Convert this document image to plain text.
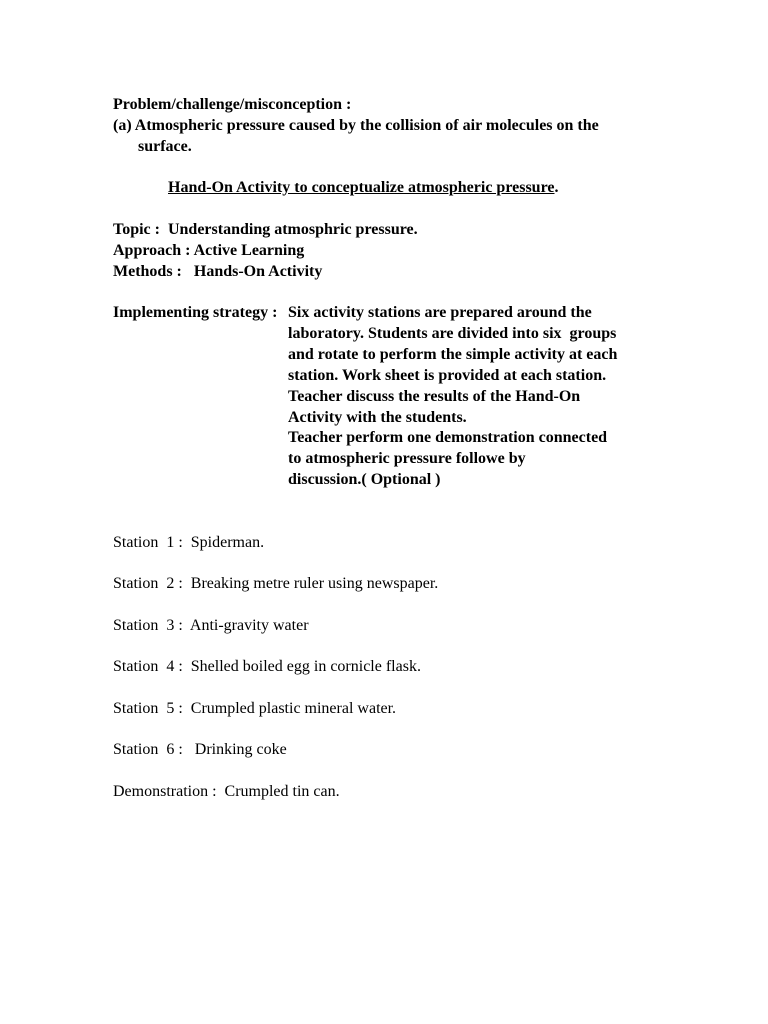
Problem/challenge/misconception :
(a) Atmospheric pressure caused by the collision of air molecules on the
surface.
Hand-On Activity to conceptualize atmospheric pressure.
Topic :  Understanding atmosphric pressure.
Approach : Active Learning
Methods :   Hands-On Activity
Implementing strategy : Six activity stations are prepared around the
laboratory. Students are divided into six  groups
and rotate to perform the simple activity at each
station. Work sheet is provided at each station.
Teacher discuss the results of the Hand-On
Activity with the students.
Teacher perform one demonstration connected
to atmospheric pressure followe by
discussion.( Optional )
Station  1 :  Spiderman.
Station  2 :  Breaking metre ruler using newspaper.
Station  3 :  Anti-gravity water
Station  4 :  Shelled boiled egg in cornicle flask.
Station  5 :  Crumpled plastic mineral water.
Station  6 :   Drinking coke
Demonstration :  Crumpled tin can.
